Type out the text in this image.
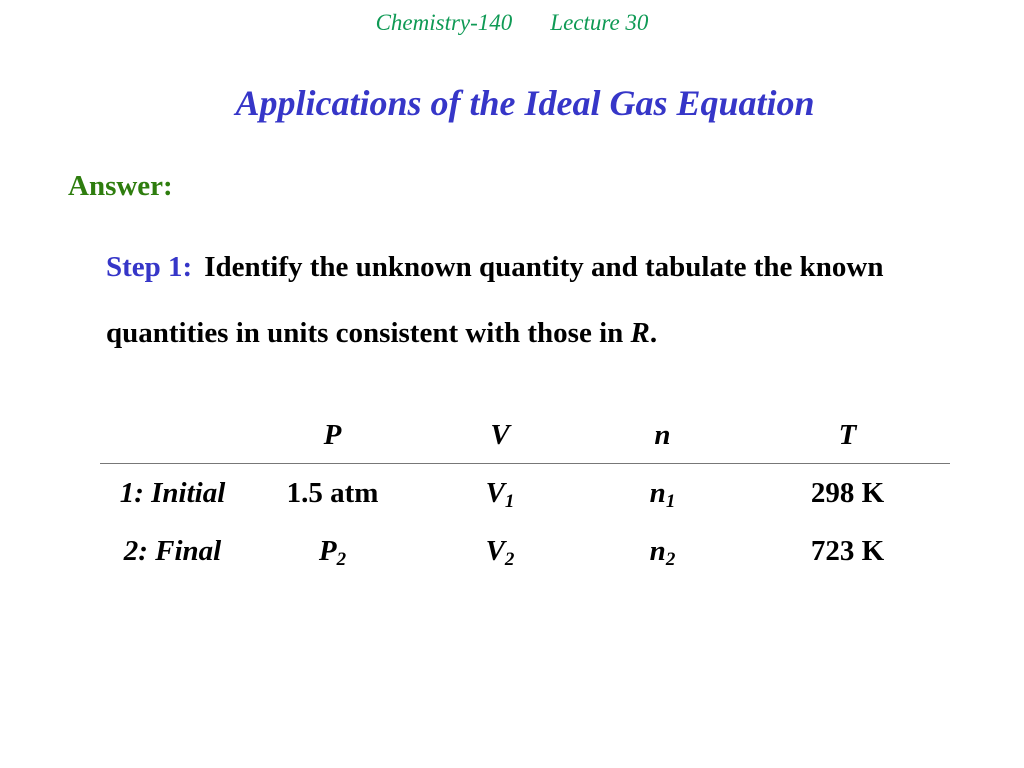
Chemistry-140 Lecture 30
Applications of the Ideal Gas Equation
Answer:

Step 1: Identify the unknown quantity and tabulate the known quantities in units consistent with those in R.

	P	V	n	T
1: Initial	1.5 atm	$V_1$	$n_1$	298 K
2: Final	$P_2$	$V_2$	$n_2$	723 K
